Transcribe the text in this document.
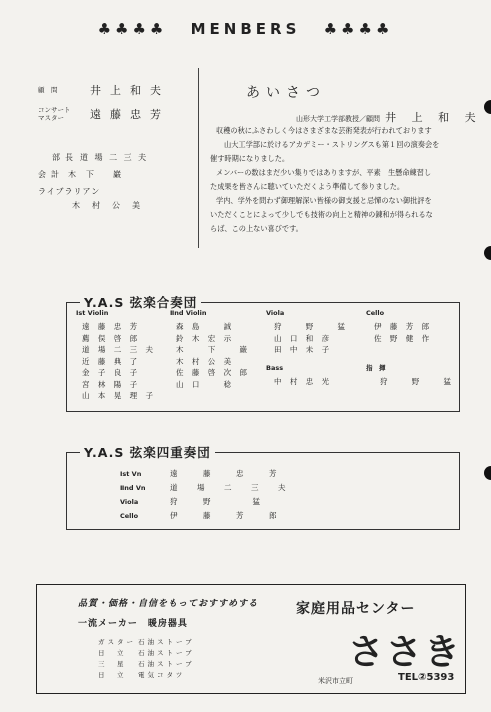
♣♣♣♣ MENBERS ♣♣♣♣
顧　問	井上和夫
コンサート
マスター 遠藤忠芳
部長 道 場 二 三 夫
会計 木　下　　巌
ライブラリアン
木　村　公　美
あいさつ
山形大学工学部教授／顧問 井 上 和 夫
収穫の秋にふさわしく今はさまざまな芸術発表が行われております
山大工学部に於けるアカデミー・ストリングスも第１回の演奏会を
催す時期になりました。
メンバーの数はまだ少い集りではありますが、平素　生懸命練習し
た成果を皆さんに聴いていただくよう準備して参りました。
学内、学外を問わず御理解深い皆様の御支援と忌憚のない御批評を
いただくことによって少しでも技術の向上と精神の錬和が得られるな
らば、この上ない喜びです。
Y.A.S 弦楽合奏団
Ⅰst Violin
遠 藤 忠 芳
薦 俣 啓 郎
道 場 二 三 夫
近 藤 典 了
金 子 良 子
宮 林 陽 子
山 本 晃 理 子
Ⅱnd Violin
森 島 　 誠
鈴 木 宏 示
木 　 下 　 巌
木 村 公 美
佐 藤 啓 次 郎
山 口 　 稔
Viola
狩 　 野 　 猛
山 口 和 彦
田 中 未 子
Bass
中 村 忠 光
Cello
伊 藤 芳 郎
佐 野 健 作
指　揮
狩 　 野 　 猛
Y.A.S 弦楽四重奏団
Ⅰst Vn	遠　藤　忠　芳
Ⅱnd Vn	道　場　二　三　夫
Viola	狩　野　　猛
Cello	伊　藤　芳　郎
品質・価格・自信をもっておすすめする
一流メーカー　暖房器具
ガスター 石油ストーブ
日　立 石油ストーブ
三　星 石油ストーブ
日　立 電気コタツ
家庭用品センター
ささき
米沢市立町	TEL②5393
